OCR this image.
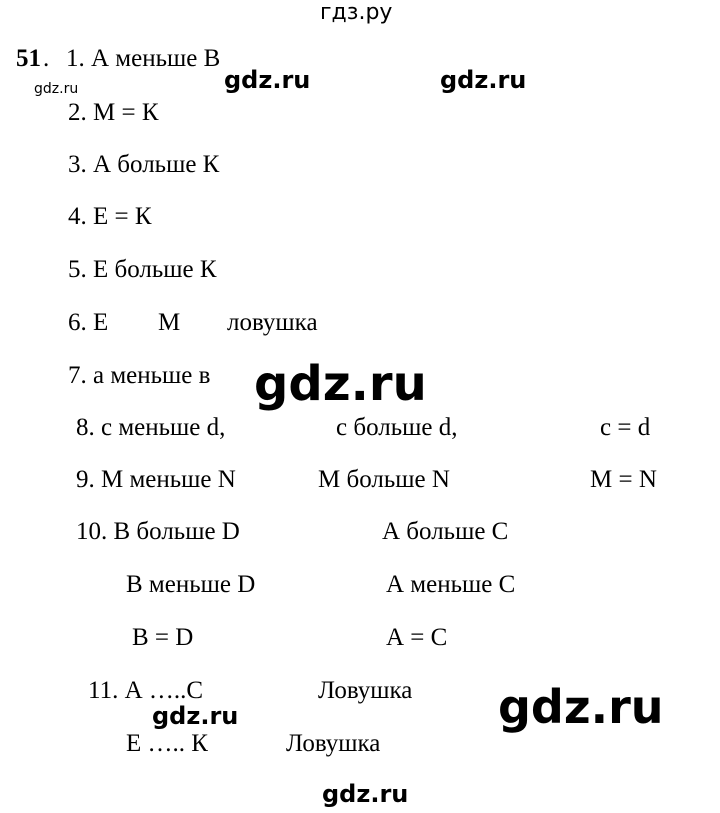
гдз.ру
51 . 1. А меньше В
2. М = К
3. А больше К
4. Е = К
5. Е больше К
6. Е М ловушка
7. а меньше в
8. с меньше d,	с больше d,	с = d
9. М меньше N	М больше N	М = N
10. В больше D	А больше С
В меньше D	А меньше С
В = D	А = С
11. А …..С	Ловушка
Е ….. К	Ловушка
gdz.ru	gdz.ru	gdz.ru
gdz.ru
gdz.ru
gdz.ru
gdz.ru
